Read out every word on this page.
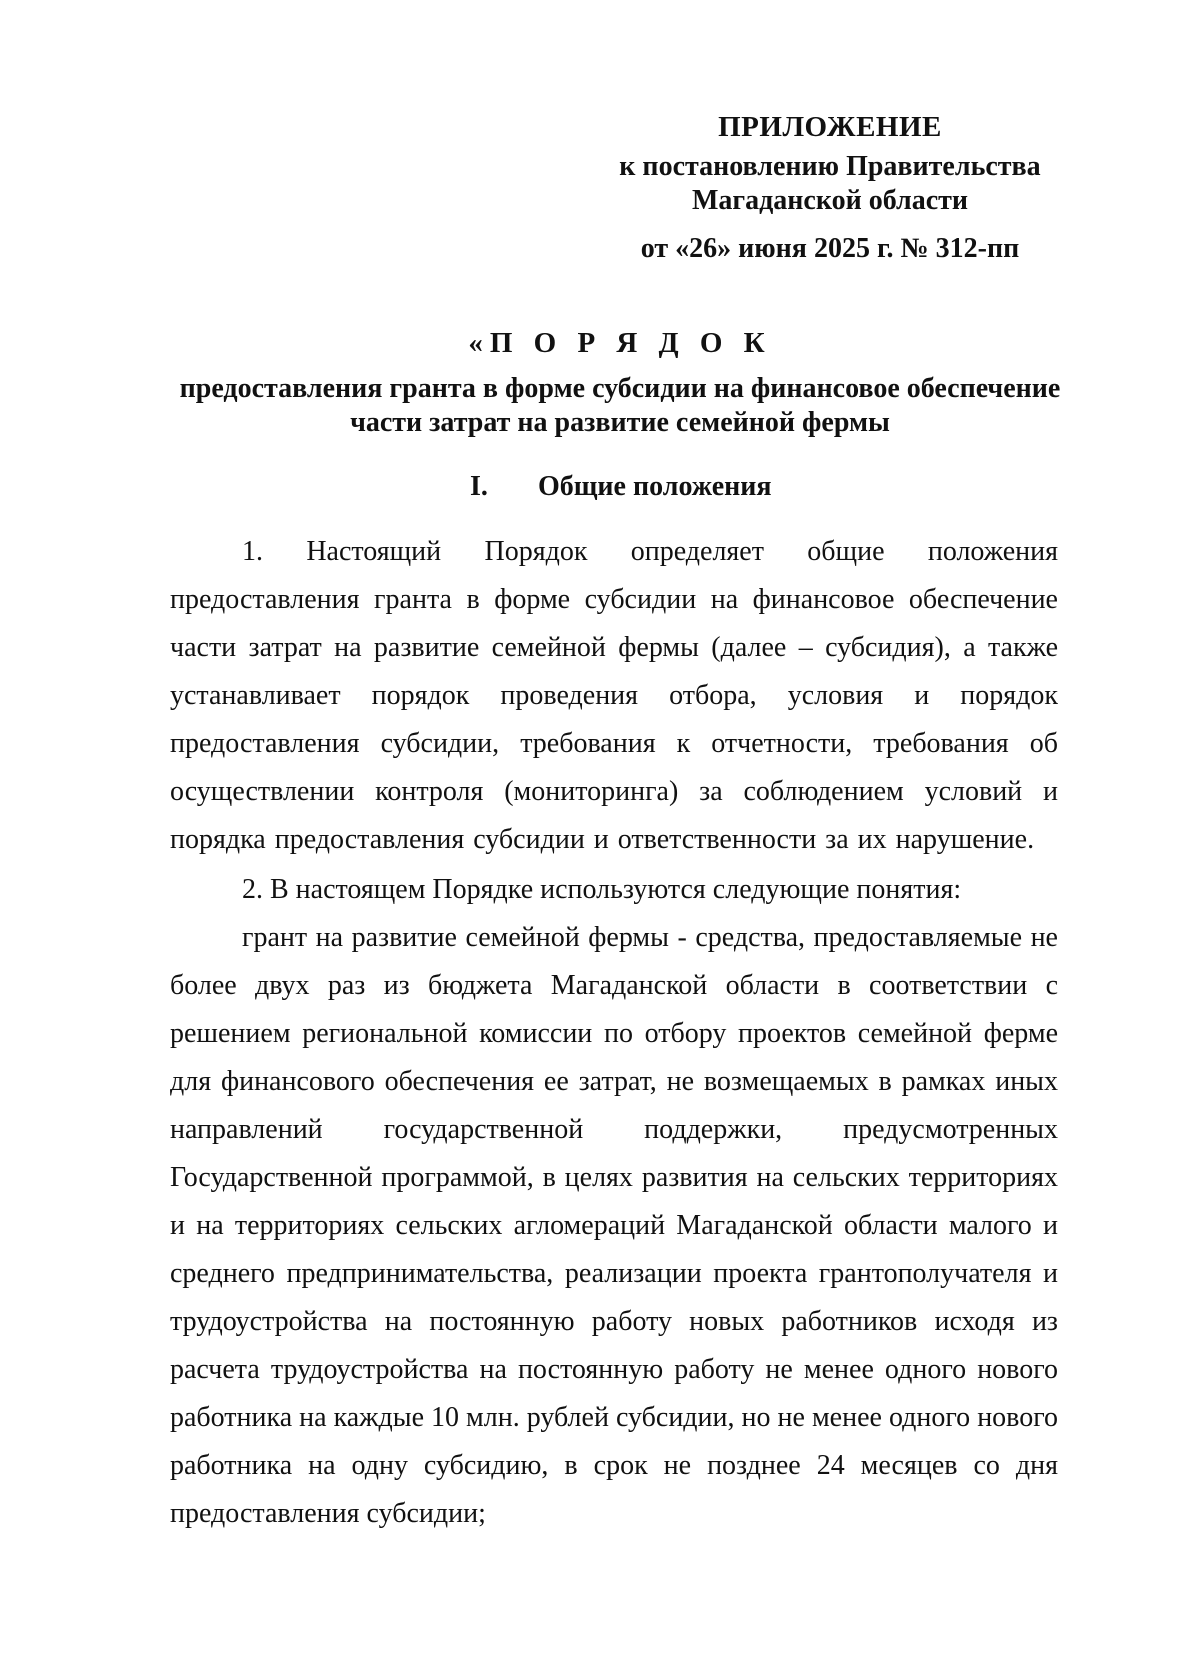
ПРИЛОЖЕНИЕ
к постановлению Правительства
Магаданской области
от «26» июня 2025 г. № 312-пп
«П О Р Я Д О К
предоставления гранта в форме субсидии на финансовое обеспечение
части затрат на развитие семейной фермы
I. Общие положения

1. Настоящий Порядок определяет общие положения предоставления гранта в форме субсидии на финансовое обеспечение части затрат на развитие семейной фермы (далее – субсидия), а также устанавливает порядок проведения отбора, условия и порядок предоставления субсидии, требования к отчетности, требования об осуществлении контроля (мониторинга) за соблюдением условий и порядка предоставления субсидии и ответственности за их нарушение.

2. В настоящем Порядке используются следующие понятия:

грант на развитие семейной фермы - средства, предоставляемые не более двух раз из бюджета Магаданской области в соответствии с решением региональной комиссии по отбору проектов семейной ферме для финансового обеспечения ее затрат, не возмещаемых в рамках иных направлений государственной поддержки, предусмотренных Государственной программой, в целях развития на сельских территориях и на территориях сельских агломераций Магаданской области малого и среднего предпринимательства, реализации проекта грантополучателя и трудоустройства на постоянную работу новых работников исходя из расчета трудоустройства на постоянную работу не менее одного нового работника на каждые 10 млн. рублей субсидии, но не менее одного нового работника на одну субсидию, в срок не позднее 24 месяцев со дня предоставления субсидии;
